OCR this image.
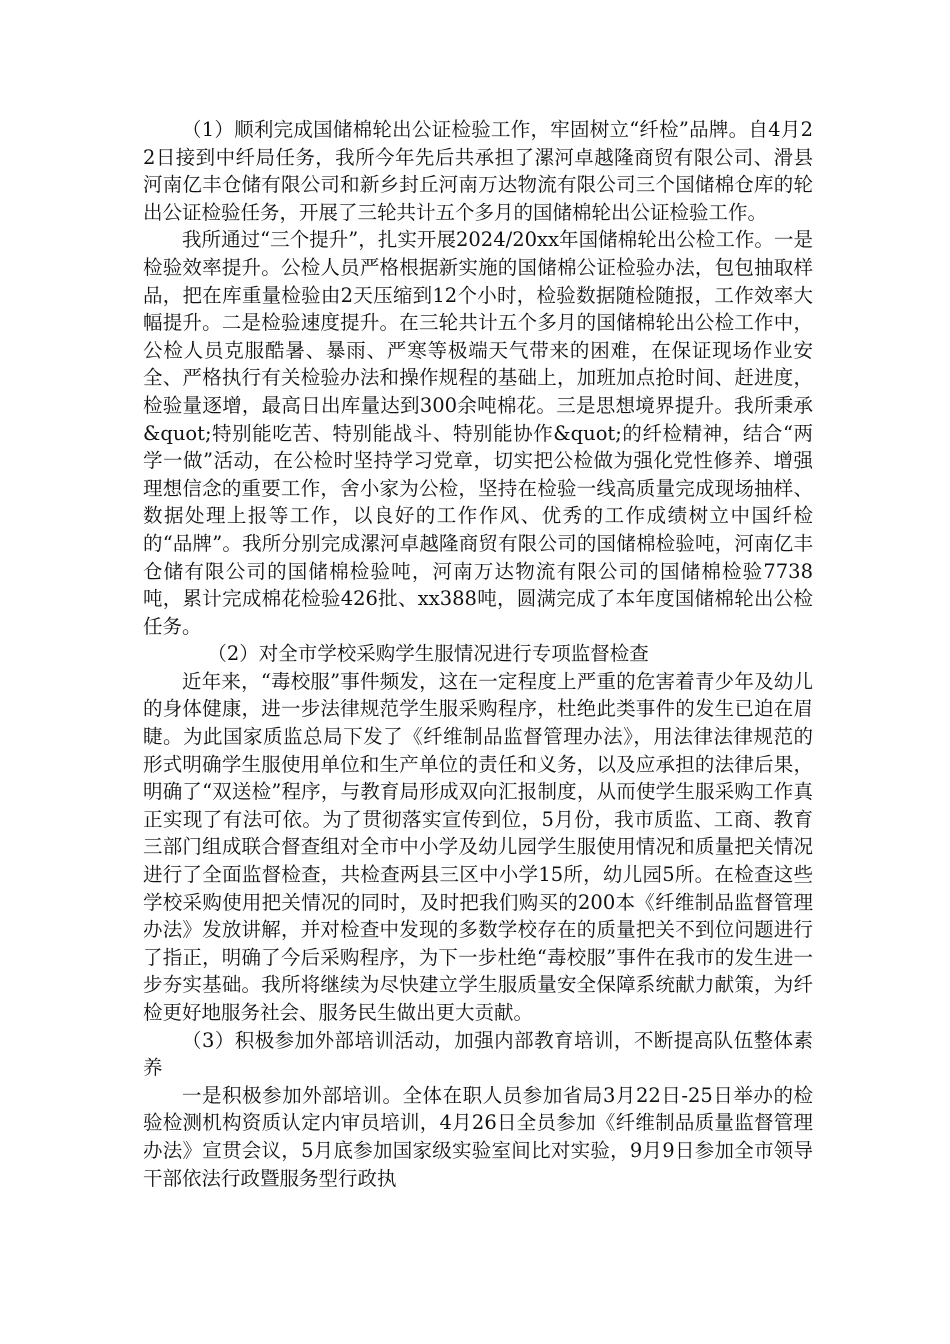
（1）顺利完成国储棉轮出公证检验工作，牢固树立“纤检”品牌。自4月22日接到中纤局任务，我所今年先后共承担了漯河卓越隆商贸有限公司、滑县河南亿丰仓储有限公司和新乡封丘河南万达物流有限公司三个国储棉仓库的轮出公证检验任务，开展了三轮共计五个多月的国储棉轮出公证检验工作。

我所通过“三个提升”，扎实开展2024/20xx年国储棉轮出公检工作。一是检验效率提升。公检人员严格根据新实施的国储棉公证检验办法，包包抽取样品，把在库重量检验由2天压缩到12个小时，检验数据随检随报，工作效率大幅提升。二是检验速度提升。在三轮共计五个多月的国储棉轮出公检工作中，公检人员克服酷暑、暴雨、严寒等极端天气带来的困难，在保证现场作业安全、严格执行有关检验办法和操作规程的基础上，加班加点抢时间、赶进度，检验量逐增，最高日出库量达到300余吨棉花。三是思想境界提升。我所秉承&quot;特别能吃苦、特别能战斗、特别能协作&quot;的纤检精神，结合“两学一做”活动，在公检时坚持学习党章，切实把公检做为强化党性修养、增强理想信念的重要工作，舍小家为公检，坚持在检验一线高质量完成现场抽样、数据处理上报等工作，以良好的工作作风、优秀的工作成绩树立中国纤检的“品牌”。我所分别完成漯河卓越隆商贸有限公司的国储棉检验吨，河南亿丰仓储有限公司的国储棉检验吨，河南万达物流有限公司的国储棉检验7738吨，累计完成棉花检验426批、xx388吨，圆满完成了本年度国储棉轮出公检任务。

（2）对全市学校采购学生服情况进行专项监督检查

近年来，“毒校服”事件频发，这在一定程度上严重的危害着青少年及幼儿的身体健康，进一步法律规范学生服采购程序，杜绝此类事件的发生已迫在眉睫。为此国家质监总局下发了《纤维制品监督管理办法》，用法律法律规范的形式明确学生服使用单位和生产单位的责任和义务，以及应承担的法律后果，明确了“双送检”程序，与教育局形成双向汇报制度，从而使学生服采购工作真正实现了有法可依。为了贯彻落实宣传到位，5月份，我市质监、工商、教育三部门组成联合督查组对全市中小学及幼儿园学生服使用情况和质量把关情况进行了全面监督检查，共检查两县三区中小学15所，幼儿园5所。在检查这些学校采购使用把关情况的同时，及时把我们购买的200本《纤维制品监督管理办法》发放讲解，并对检查中发现的多数学校存在的质量把关不到位问题进行了指正，明确了今后采购程序，为下一步杜绝“毒校服”事件在我市的发生进一步夯实基础。我所将继续为尽快建立学生服质量安全保障系统献力献策，为纤检更好地服务社会、服务民生做出更大贡献。

（3）积极参加外部培训活动，加强内部教育培训，不断提高队伍整体素养

一是积极参加外部培训。全体在职人员参加省局3月22日-25日举办的检验检测机构资质认定内审员培训，4月26日全员参加《纤维制品质量监督管理办法》宣贯会议，5月底参加国家级实验室间比对实验，9月9日参加全市领导干部依法行政暨服务型行政执
